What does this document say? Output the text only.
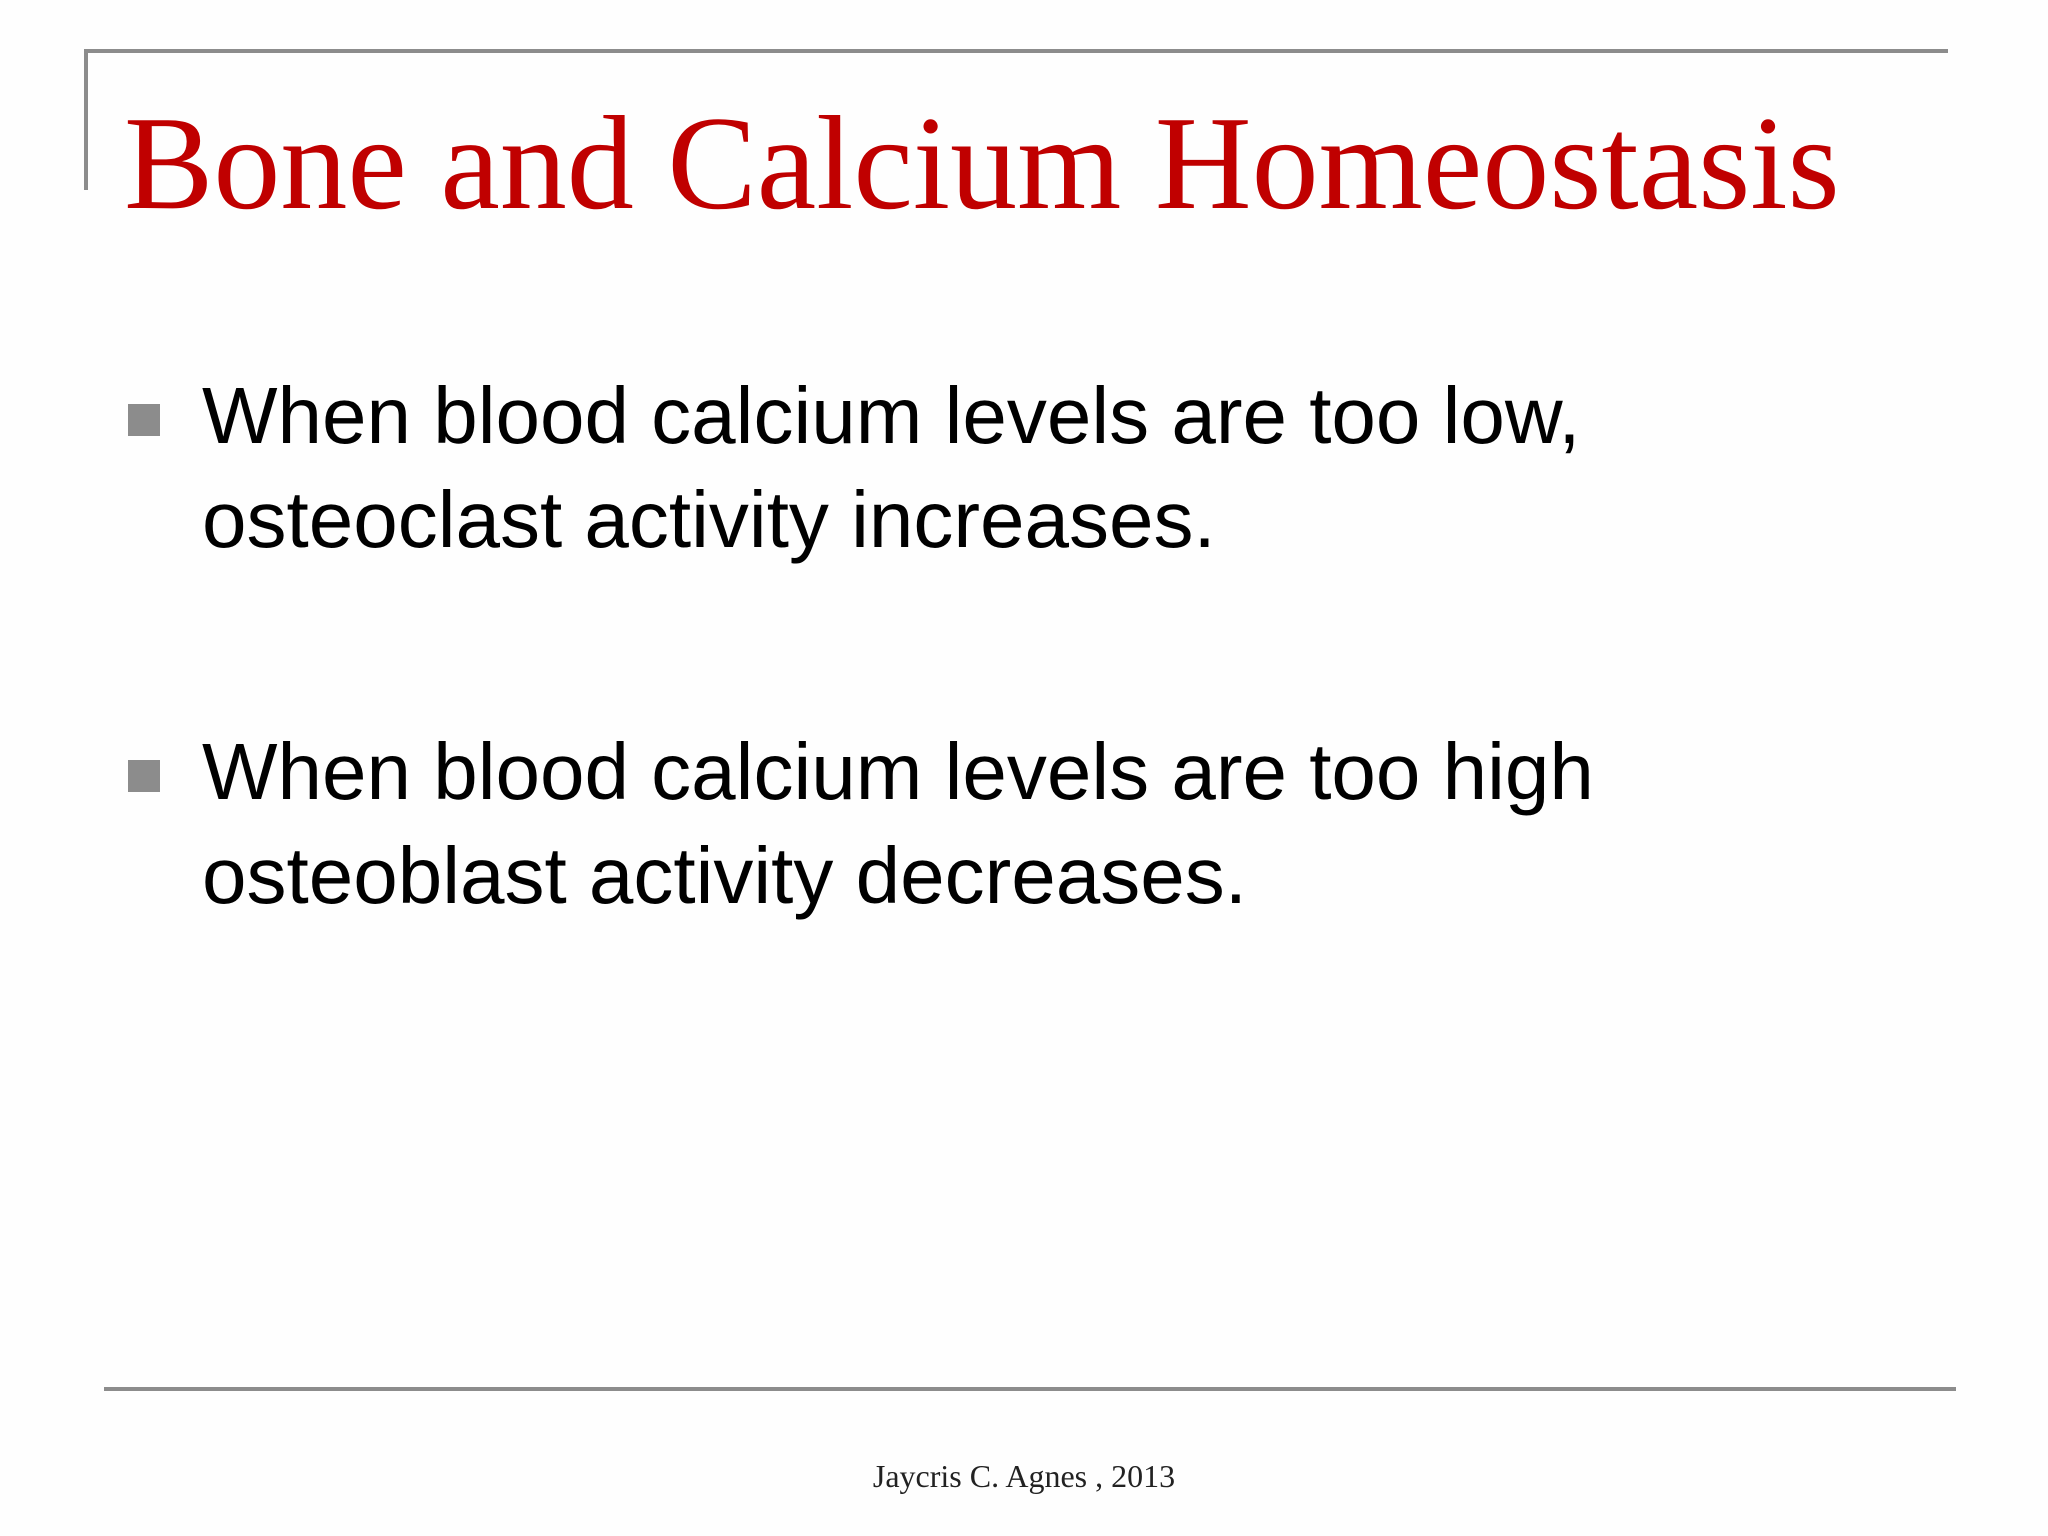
Bone and Calcium Homeostasis
When blood calcium levels are too low, osteoclast activity increases.
When blood calcium levels are too high osteoblast activity decreases.
Jaycris C. Agnes , 2013
